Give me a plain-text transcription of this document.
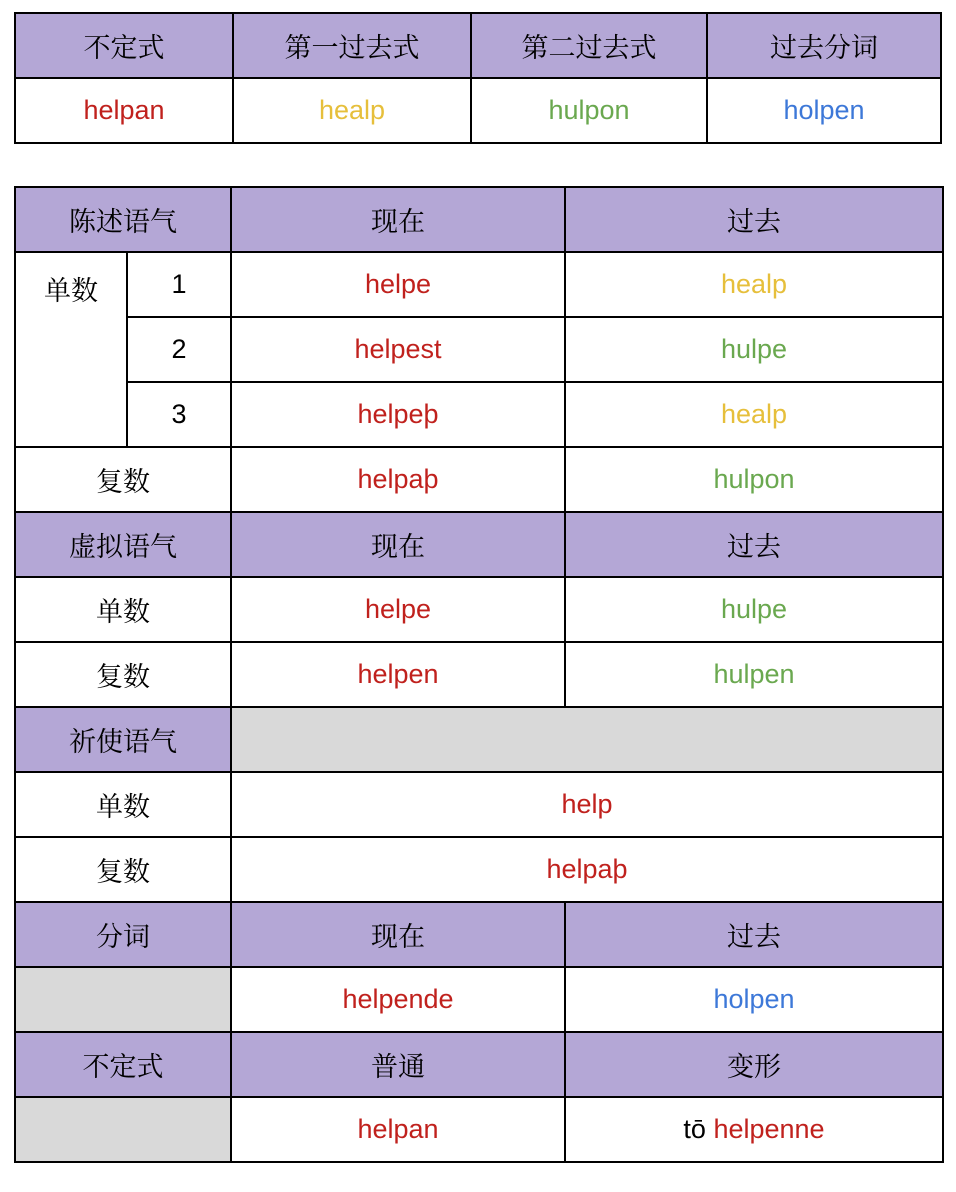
不定式	第一过去式	第二过去式	过去分词
helpan	healp	hulpon	holpen
陈述语气		现在	过去
单数	1	helpe	healp
	2	helpest	hulpe
	3	helpeþ	healp
复数		helpaþ	hulpon
虚拟语气		现在	过去
单数		helpe	hulpe
复数		helpen	hulpen
祈使语气			
单数		help	
复数		helpaþ	
分词		现在	过去
		helpende	holpen
不定式		普通	变形
		helpan	tō helpenne
